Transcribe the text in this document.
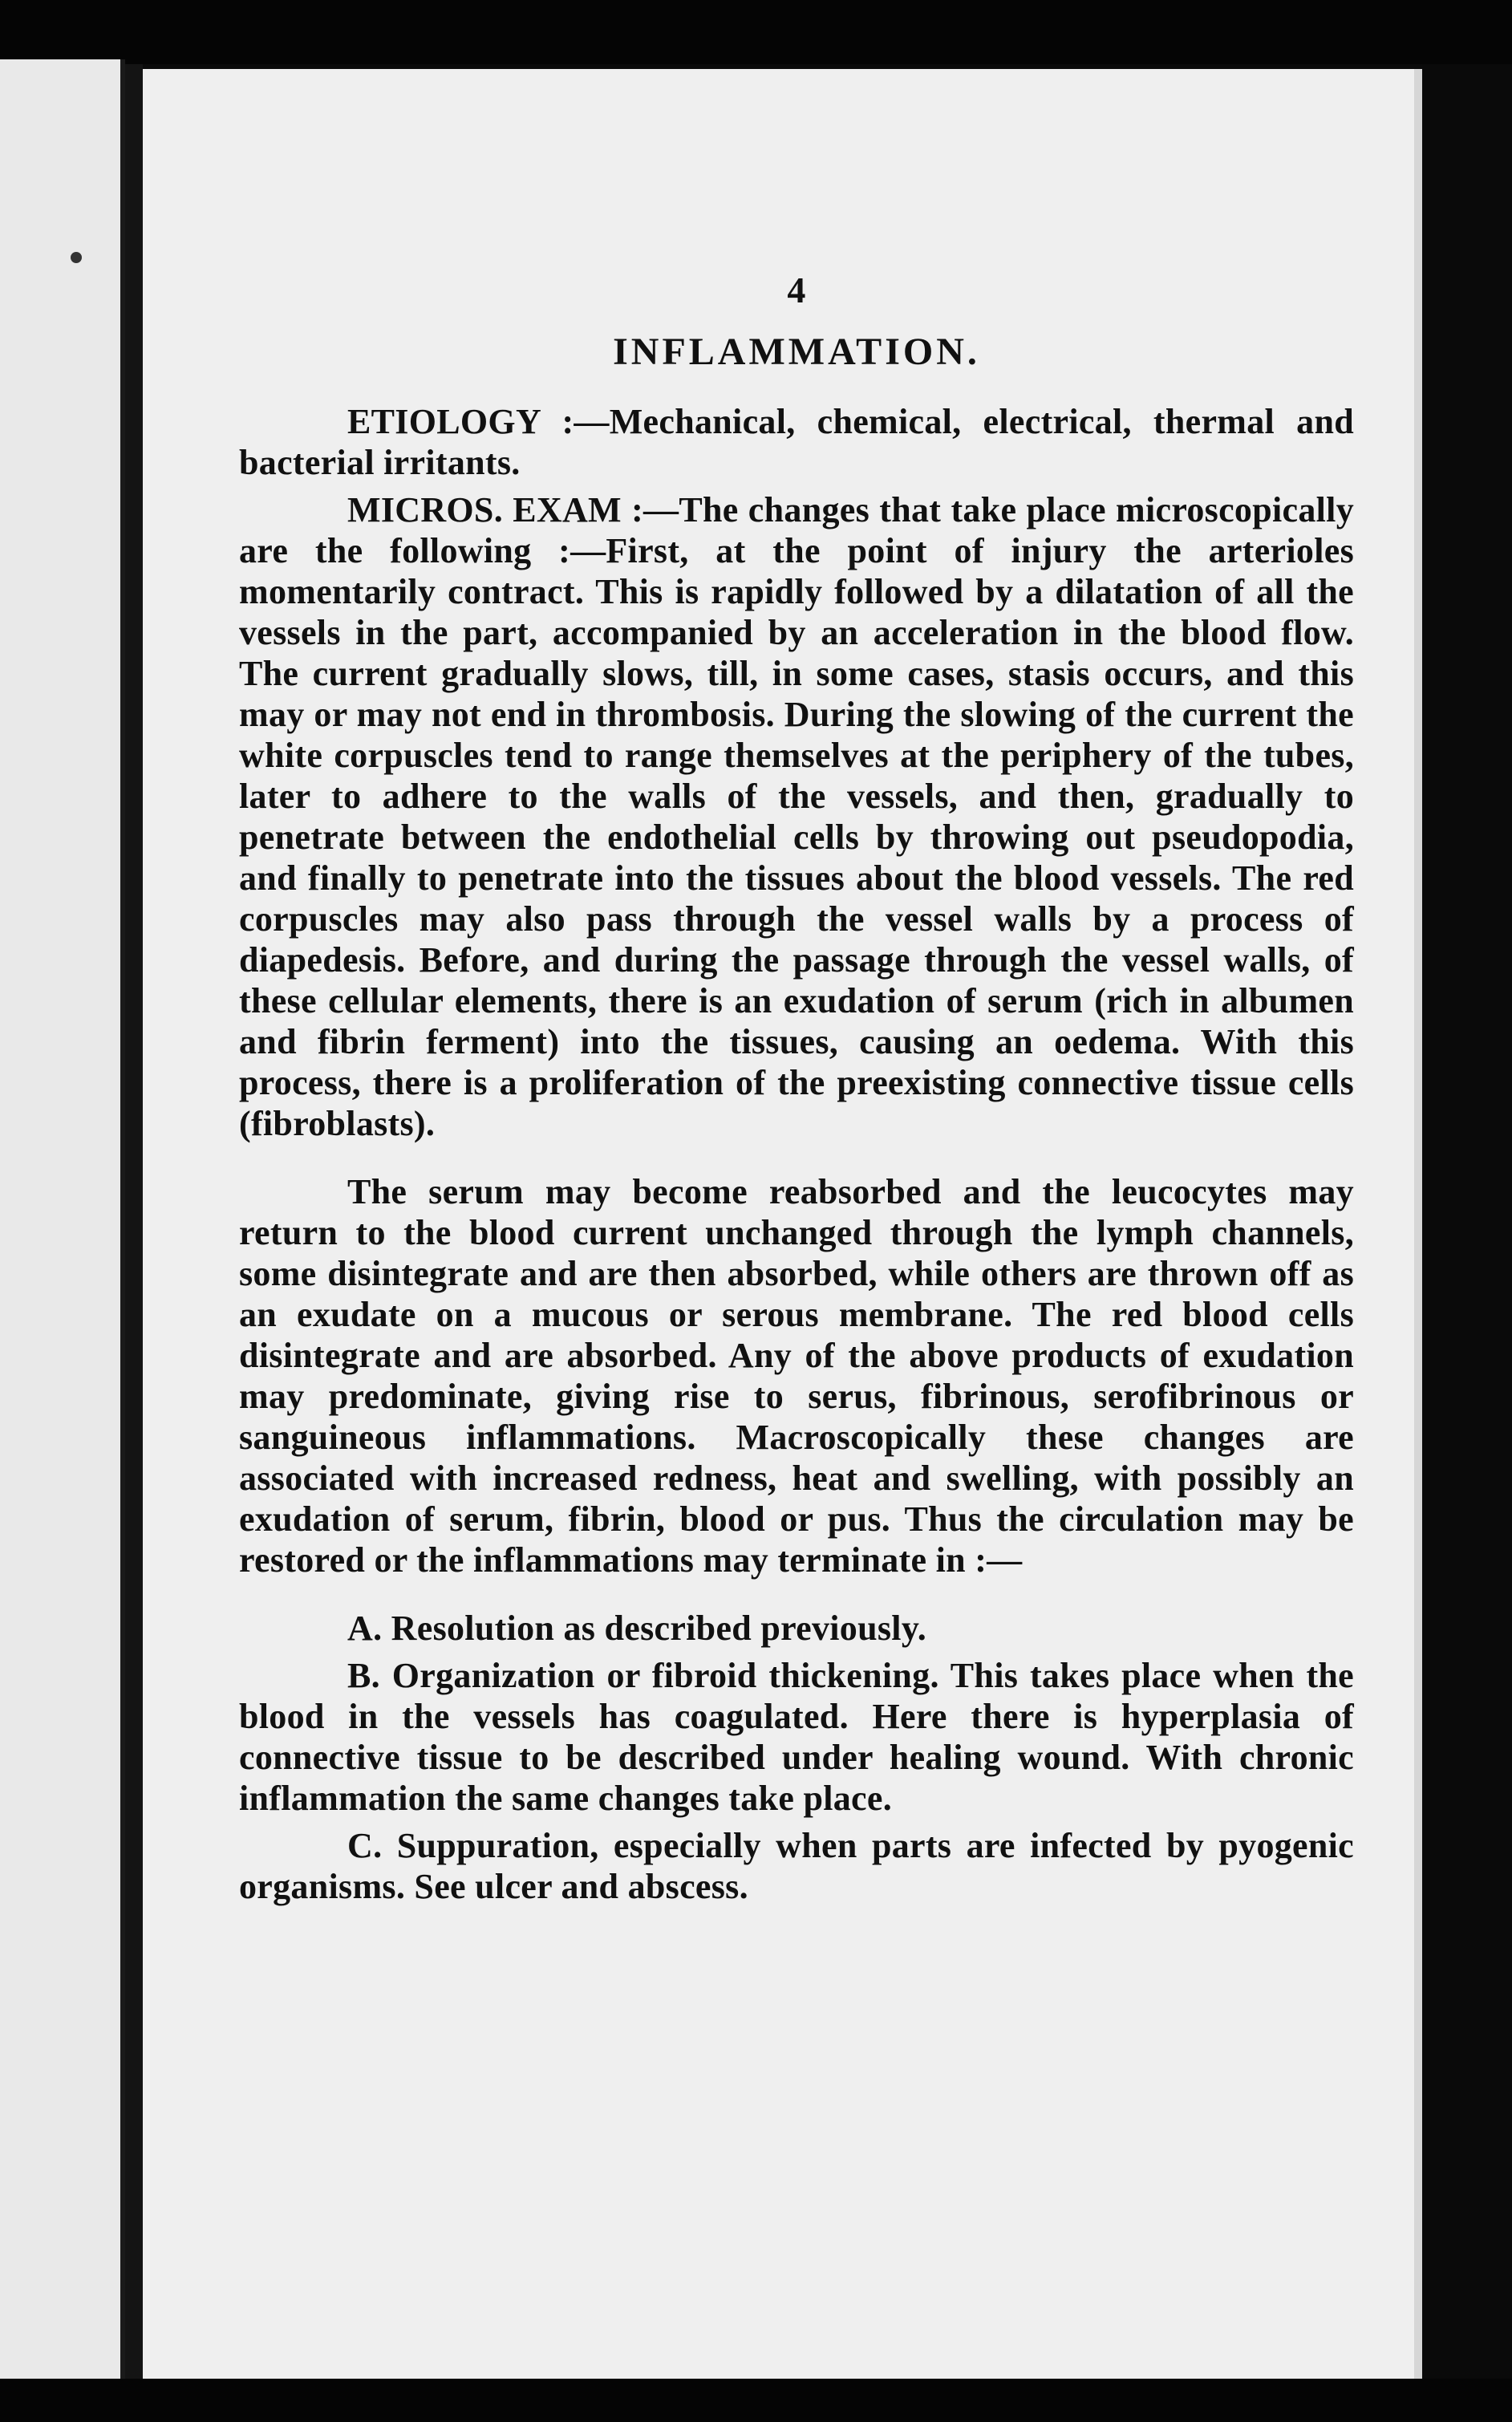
4
INFLAMMATION.

ETIOLOGY :—Mechanical, chemical, electrical, thermal and bacterial irritants.

MICROS. EXAM :—The changes that take place microscopically are the following :—First, at the point of injury the arterioles momentarily contract. This is rapidly followed by a dilatation of all the vessels in the part, accompanied by an acceleration in the blood flow. The current gradually slows, till, in some cases, stasis occurs, and this may or may not end in thrombosis. During the slowing of the current the white corpuscles tend to range themselves at the periphery of the tubes, later to adhere to the walls of the vessels, and then, gradually to penetrate between the endothelial cells by throwing out pseudopodia, and finally to penetrate into the tissues about the blood vessels. The red corpuscles may also pass through the vessel walls by a process of diapedesis. Before, and during the passage through the vessel walls, of these cellular elements, there is an exudation of serum (rich in albumen and fibrin ferment) into the tissues, causing an oedema. With this process, there is a proliferation of the preexisting connective tissue cells (fibroblasts).

The serum may become reabsorbed and the leucocytes may return to the blood current unchanged through the lymph channels, some disintegrate and are then absorbed, while others are thrown off as an exudate on a mucous or serous membrane. The red blood cells disintegrate and are absorbed. Any of the above products of exudation may predominate, giving rise to serus, fibrinous, serofibrinous or sanguineous inflammations. Macroscopically these changes are associated with increased redness, heat and swelling, with possibly an exudation of serum, fibrin, blood or pus. Thus the circulation may be restored or the inflammations may terminate in :—

A. Resolution as described previously.

B. Organization or fibroid thickening. This takes place when the blood in the vessels has coagulated. Here there is hyperplasia of connective tissue to be described under healing wound. With chronic inflammation the same changes take place.

C. Suppuration, especially when parts are infected by pyogenic organisms. See ulcer and abscess.
